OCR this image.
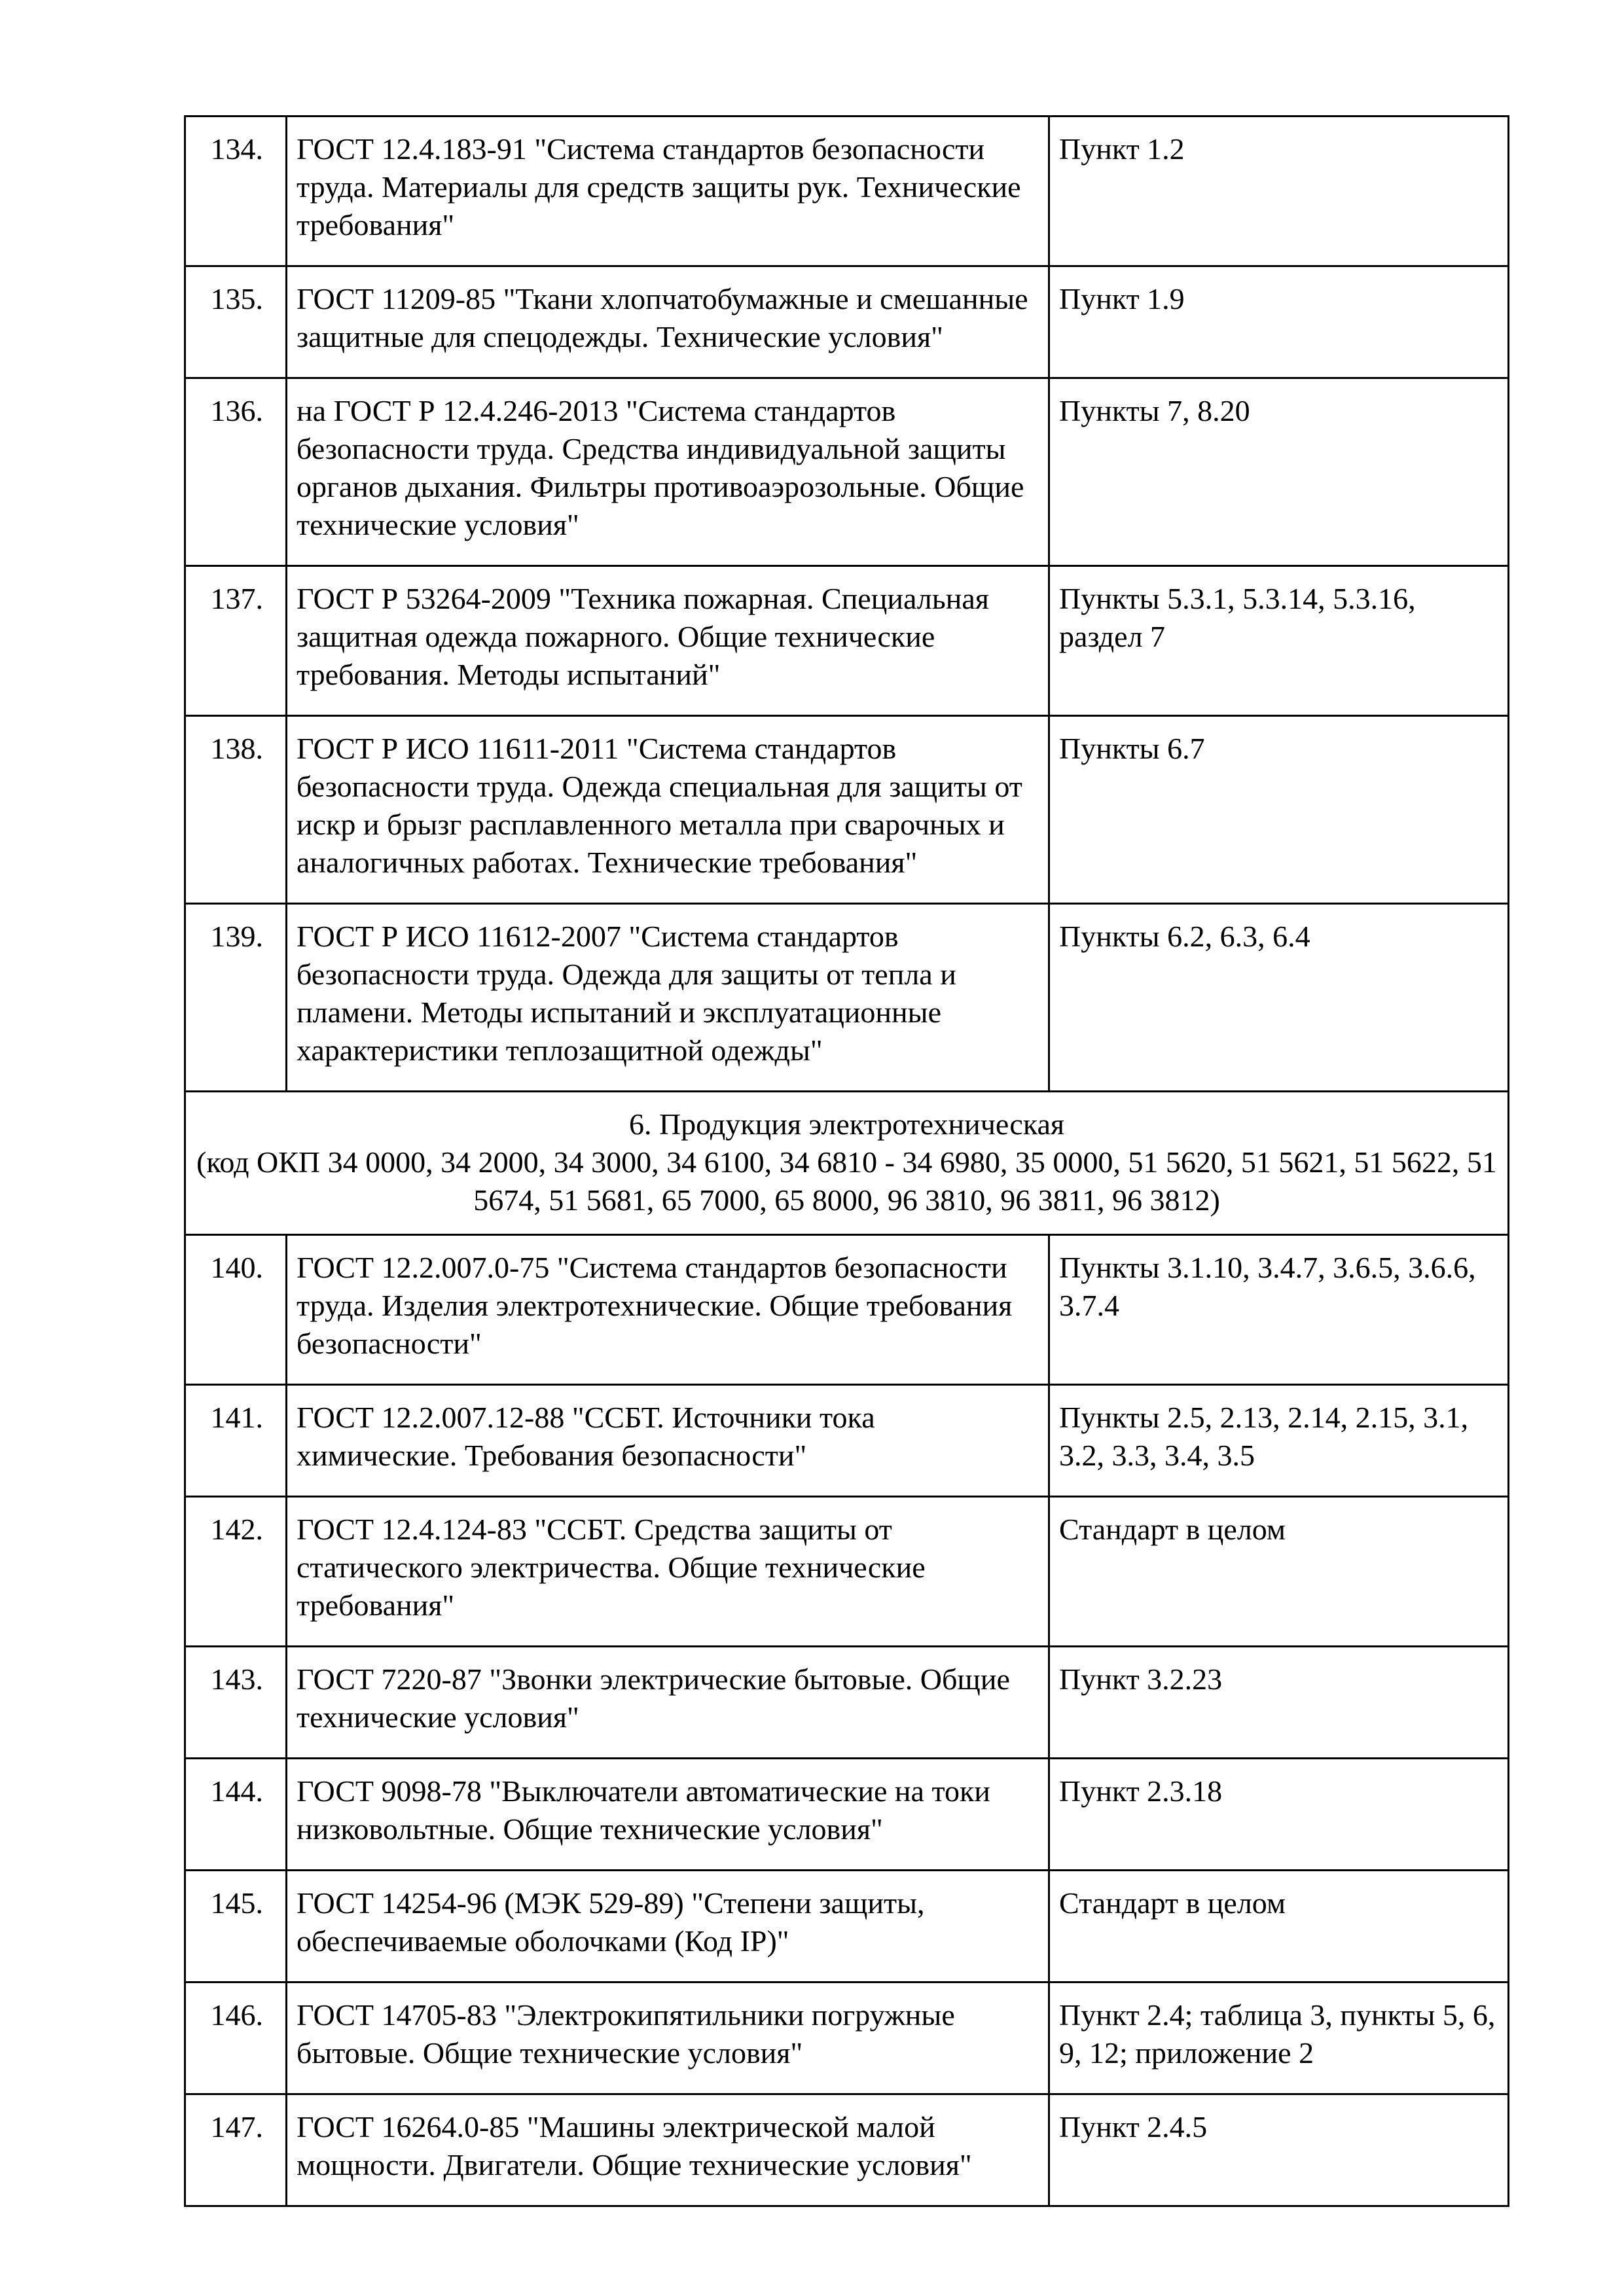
134.	ГОСТ 12.4.183-91 "Система стандартов безопасности труда. Материалы для средств защиты рук. Технические требования"	Пункт 1.2
135.	ГОСТ 11209-85 "Ткани хлопчатобумажные и смешанные защитные для спецодежды. Технические условия"	Пункт 1.9
136.	на ГОСТ Р 12.4.246-2013 "Система стандартов безопасности труда. Средства индивидуальной защиты органов дыхания. Фильтры противоаэрозольные. Общие технические условия"	Пункты 7, 8.20
137.	ГОСТ Р 53264-2009 "Техника пожарная. Специальная защитная одежда пожарного. Общие технические требования. Методы испытаний"	Пункты 5.3.1, 5.3.14, 5.3.16, раздел 7
138.	ГОСТ Р ИСО 11611-2011 "Система стандартов безопасности труда. Одежда специальная для защиты от искр и брызг расплавленного металла при сварочных и аналогичных работах. Технические требования"	Пункты 6.7
139.	ГОСТ Р ИСО 11612-2007 "Система стандартов безопасности труда. Одежда для защиты от тепла и пламени. Методы испытаний и эксплуатационные характеристики теплозащитной одежды"	Пункты 6.2, 6.3, 6.4

6. Продукция электротехническая
(код ОКП 34 0000, 34 2000, 34 3000, 34 6100, 34 6810 - 34 6980, 35 0000, 51 5620, 51 5621, 51 5622, 51 5674, 51 5681, 65 7000, 65 8000, 96 3810, 96 3811, 96 3812)		

140.	ГОСТ 12.2.007.0-75 "Система стандартов безопасности труда. Изделия электротехнические. Общие требования безопасности"	Пункты 3.1.10, 3.4.7, 3.6.5, 3.6.6, 3.7.4
141.	ГОСТ 12.2.007.12-88 "ССБТ. Источники тока химические. Требования безопасности"	Пункты 2.5, 2.13, 2.14, 2.15, 3.1, 3.2, 3.3, 3.4, 3.5
142.	ГОСТ 12.4.124-83 "ССБТ. Средства защиты от статического электричества. Общие технические требования"	Стандарт в целом
143.	ГОСТ 7220-87 "Звонки электрические бытовые. Общие технические условия"	Пункт 3.2.23
144.	ГОСТ 9098-78 "Выключатели автоматические на токи низковольтные. Общие технические условия"	Пункт 2.3.18
145.	ГОСТ 14254-96 (МЭК 529-89) "Степени защиты, обеспечиваемые оболочками (Код IP)"	Стандарт в целом
146.	ГОСТ 14705-83 "Электрокипятильники погружные бытовые. Общие технические условия"	Пункт 2.4; таблица 3, пункты 5, 6, 9, 12; приложение 2
147.	ГОСТ 16264.0-85 "Машины электрической малой мощности. Двигатели. Общие технические условия"	Пункт 2.4.5
